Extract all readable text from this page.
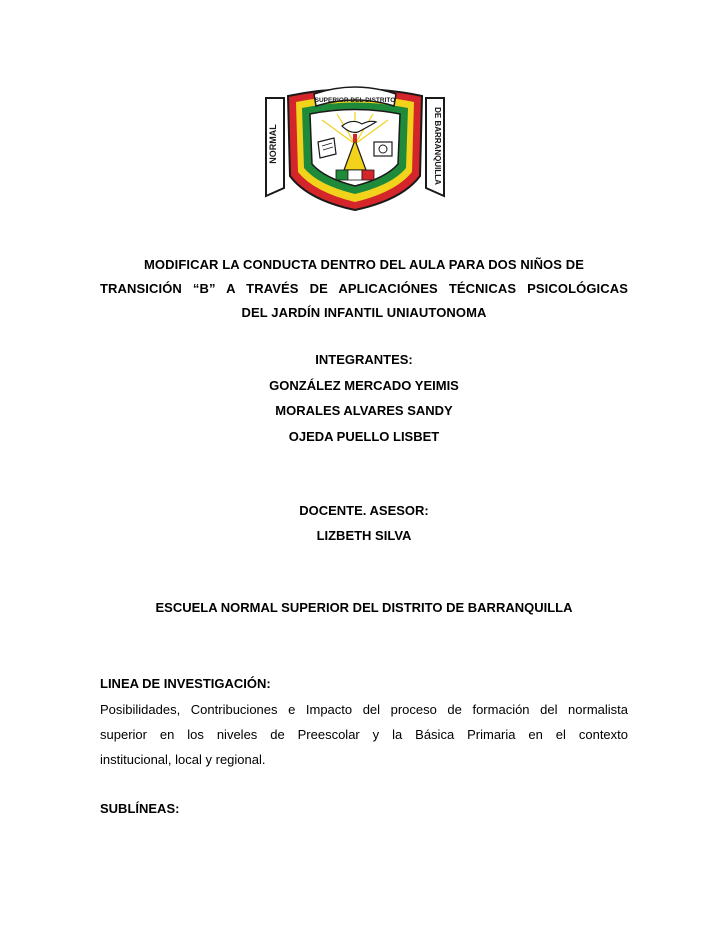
NORMAL	DE BARRANQUILLA
SUPERIOR DEL DISTRITO
MODIFICAR LA CONDUCTA DENTRO DEL AULA PARA DOS NIÑOS DE
TRANSICIÓN “B” A TRAVÉS DE APLICACIÓNES TÉCNICAS PSICOLÓGICAS
DEL JARDÍN INFANTIL UNIAUTONOMA
INTEGRANTES:
GONZÁLEZ MERCADO YEIMIS
MORALES ALVARES SANDY
OJEDA PUELLO LISBET
DOCENTE. ASESOR:
LIZBETH SILVA
ESCUELA NORMAL SUPERIOR DEL DISTRITO DE BARRANQUILLA
LINEA DE INVESTIGACIÓN:
Posibilidades, Contribuciones e Impacto del proceso de formación del normalista
superior en los niveles de Preescolar y la Básica Primaria en el contexto
institucional, local y regional.
SUBLÍNEAS:
